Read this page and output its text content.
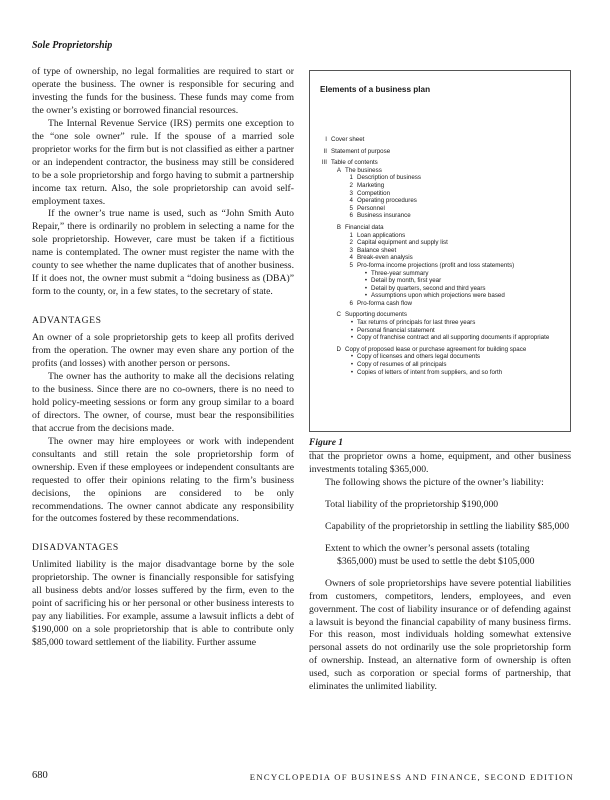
Sole Proprietorship

of type of ownership, no legal formalities are required to start or operate the business. The owner is responsible for securing and investing the funds for the business. These funds may come from the owner’s existing or borrowed financial resources.

The Internal Revenue Service (IRS) permits one exception to the “one sole owner” rule. If the spouse of a married sole proprietor works for the firm but is not classified as either a partner or an independent contractor, the business may still be considered to be a sole proprietorship and forgo having to submit a partnership income tax return. Also, the sole proprietorship can avoid self-employment taxes.

If the owner’s true name is used, such as “John Smith Auto Repair,” there is ordinarily no problem in selecting a name for the sole proprietorship. However, care must be taken if a fictitious name is contemplated. The owner must register the name with the county to see whether the name duplicates that of another business. If it does not, the owner must submit a “doing business as (DBA)” form to the county, or, in a few states, to the secretary of state.

ADVANTAGES

An owner of a sole proprietorship gets to keep all profits derived from the operation. The owner may even share any portion of the profits (and losses) with another person or persons.

The owner has the authority to make all the decisions relating to the business. Since there are no co-owners, there is no need to hold policy-meeting sessions or form any group similar to a board of directors. The owner, of course, must bear the responsibilities that accrue from the decisions made.

The owner may hire employees or work with independent consultants and still retain the sole proprietorship form of ownership. Even if these employees or independent consultants are requested to offer their opinions relating to the firm’s business decisions, the opinions are considered to be only recommendations. The owner cannot abdicate any responsibility for the outcomes fostered by these recommendations.

DISADVANTAGES

Unlimited liability is the major disadvantage borne by the sole proprietorship. The owner is financially responsible for satisfying all business debts and/or losses suffered by the firm, even to the point of sacrificing his or her personal or other business interests to pay any liabilities. For example, assume a lawsuit inflicts a debt of $190,000 on a sole proprietorship that is able to contribute only $85,000 toward settlement of the liability. Further assume

Elements of a business plan
I Cover sheet
II Statement of purpose
III Table of contents
A The business
1 Description of business
2 Marketing
3 Competition
4 Operating procedures
5 Personnel
6 Business insurance
B Financial data
1 Loan applications
2 Capital equipment and supply list
3 Balance sheet
4 Break-even analysis
5 Pro-forma income projections (profit and loss statements)
• Three-year summary
• Detail by month, first year
• Detail by quarters, second and third years
• Assumptions upon which projections were based
6 Pro-forma cash flow
C Supporting documents
• Tax returns of principals for last three years
• Personal financial statement
• Copy of franchise contract and all supporting documents if appropriate
D Copy of proposed lease or purchase agreement for building space
• Copy of licenses and others legal documents
• Copy of resumes of all principals
• Copies of letters of intent from suppliers, and so forth
Figure 1

that the proprietor owns a home, equipment, and other business investments totaling $365,000.

The following shows the picture of the owner’s liability:

Total liability of the proprietorship $190,000

Capability of the proprietorship in settling the liability $85,000

Extent to which the owner’s personal assets (totaling $365,000) must be used to settle the debt $105,000

Owners of sole proprietorships have severe potential liabilities from customers, competitors, lenders, employees, and even government. The cost of liability insurance or of defending against a lawsuit is beyond the financial capability of many business firms. For this reason, most individuals holding somewhat extensive personal assets do not ordinarily use the sole proprietorship form of ownership. Instead, an alternative form of ownership is often used, such as corporation or special forms of partnership, that eliminates the unlimited liability.

680	ENCYCLOPEDIA OF BUSINESS AND FINANCE, SECOND EDITION
